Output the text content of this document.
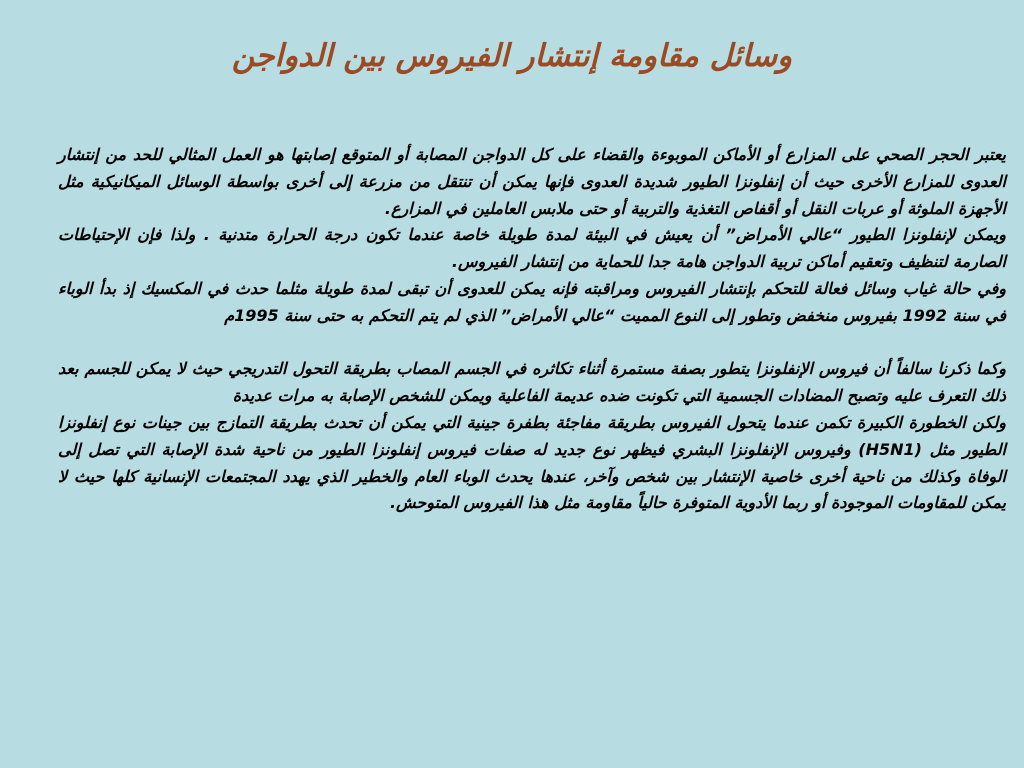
وسائل مقاومة إنتشار الفيروس بين الدواجن

يعتبر الحجر الصحي على المزارع أو الأماكن الموبوءة والقضاء على كل الدواجن المصابة أو المتوقع إصابتها هو العمل المثالي للحد من إنتشار العدوى للمزارع الأخرى حيث أن إنفلونزا الطيور شديدة العدوى فإنها يمكن أن تنتقل من مزرعة إلى أخرى بواسطة الوسائل الميكانيكية مثل الأجهزة الملوثة أو عربات النقل أو أقفاص التغذية والتربية أو حتى ملابس العاملين في المزارع.

ويمكن لإنفلونزا الطيور “عالي الأمراض” أن يعيش في البيئة لمدة طويلة خاصة عندما تكون درجة الحرارة متدنية . ولذا فإن الإحتياطات الصارمة لتنظيف وتعقيم أماكن تربية الدواجن هامة جدا للحماية من إنتشار الفيروس.

وفي حالة غياب وسائل فعالة للتحكم بإنتشار الفيروس ومراقبته فإنه يمكن للعدوى أن تبقى لمدة طويلة مثلما حدث في المكسيك إذ بدأ الوباء في سنة 1992 بفيروس منخفض وتطور إلى النوع المميت “عالي الأمراض” الذي لم يتم التحكم به حتى سنة 1995م

وكما ذكرنا سالفاً أن فيروس الإنفلونزا يتطور بصفة مستمرة أثناء تكاثره في الجسم المصاب بطريقة التحول التدريجي حيث لا يمكن للجسم بعد ذلك التعرف عليه وتصبح المضادات الجسمية التي تكونت ضده عديمة الفاعلية ويمكن للشخص الإصابة به مرات عديدة

ولكن الخطورة الكبيرة تكمن عندما يتحول الفيروس بطريقة مفاجئة بطفرة جينية التي يمكن أن تحدث بطريقة التمازج بين جينات نوع إنفلونزا الطيور مثل (H5N1) وفيروس الإنفلونزا البشري فيظهر نوع جديد له صفات فيروس إنفلونزا الطيور من ناحية شدة الإصابة التي تصل إلى الوفاة وكذلك من ناحية أخرى خاصية الإنتشار بين شخص وآخر، عندها يحدث الوباء العام والخطير الذي يهدد المجتمعات الإنسانية كلها حيث لا يمكن للمقاومات الموجودة أو ربما الأدوية المتوفرة حالياً مقاومة مثل هذا الفيروس المتوحش.
